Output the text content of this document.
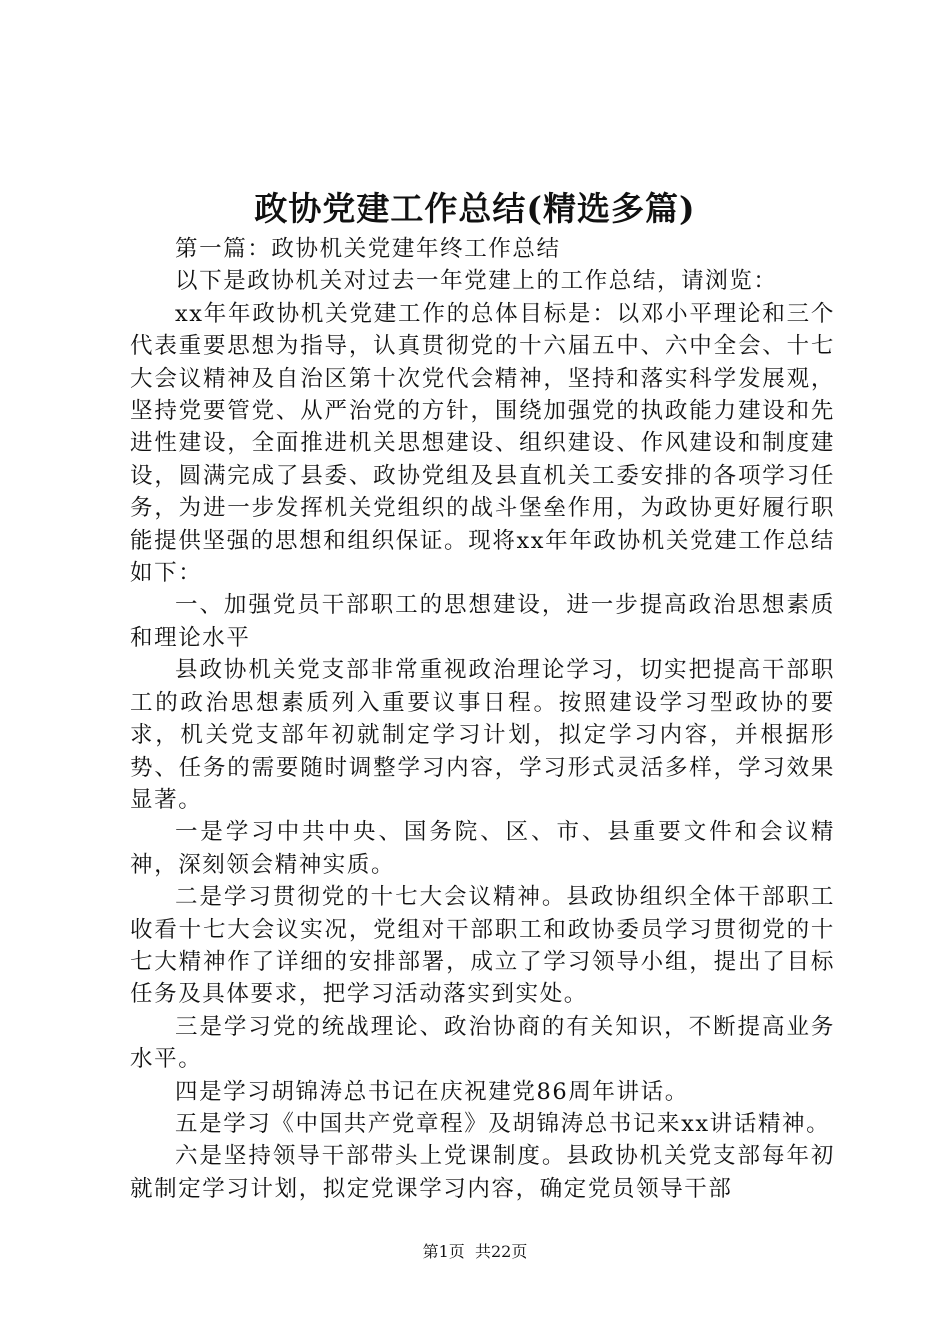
政协党建工作总结(精选多篇)

第一篇：政协机关党建年终工作总结

以下是政协机关对过去一年党建上的工作总结，请浏览：

xx年年政协机关党建工作的总体目标是：以邓小平理论和三个代表重要思想为指导，认真贯彻党的十六届五中、六中全会、十七大会议精神及自治区第十次党代会精神，坚持和落实科学发展观，坚持党要管党、从严治党的方针，围绕加强党的执政能力建设和先进性建设，全面推进机关思想建设、组织建设、作风建设和制度建设，圆满完成了县委、政协党组及县直机关工委安排的各项学习任务，为进一步发挥机关党组织的战斗堡垒作用，为政协更好履行职能提供坚强的思想和组织保证。现将xx年年政协机关党建工作总结如下：

一、加强党员干部职工的思想建设，进一步提高政治思想素质和理论水平

县政协机关党支部非常重视政治理论学习，切实把提高干部职工的政治思想素质列入重要议事日程。按照建设学习型政协的要求，机关党支部年初就制定学习计划，拟定学习内容，并根据形势、任务的需要随时调整学习内容，学习形式灵活多样，学习效果显著。

一是学习中共中央、国务院、区、市、县重要文件和会议精神，深刻领会精神实质。

二是学习贯彻党的十七大会议精神。县政协组织全体干部职工收看十七大会议实况，党组对干部职工和政协委员学习贯彻党的十七大精神作了详细的安排部署，成立了学习领导小组，提出了目标任务及具体要求，把学习活动落实到实处。

三是学习党的统战理论、政治协商的有关知识，不断提高业务水平。

四是学习胡锦涛总书记在庆祝建党86周年讲话。

五是学习《中国共产党章程》及胡锦涛总书记来xx讲话精神。

六是坚持领导干部带头上党课制度。县政协机关党支部每年初就制定学习计划，拟定党课学习内容，确定党员领导干部

第1页 共22页
